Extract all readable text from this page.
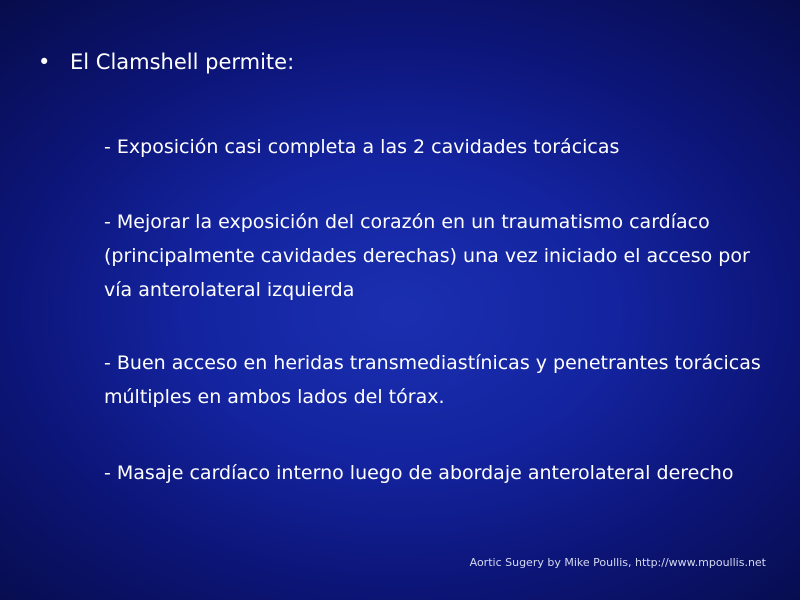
• El Clamshell permite:
- Exposición casi completa a las 2 cavidades torácicas
- Mejorar la exposición del corazón en un traumatismo cardíaco (principalmente cavidades derechas) una vez iniciado el acceso por vía anterolateral izquierda
- Buen acceso en heridas transmediastínicas y penetrantes torácicas múltiples en ambos lados del tórax.
- Masaje cardíaco interno luego de abordaje anterolateral derecho
Aortic Sugery by Mike Poullis, http://www.mpoullis.net
